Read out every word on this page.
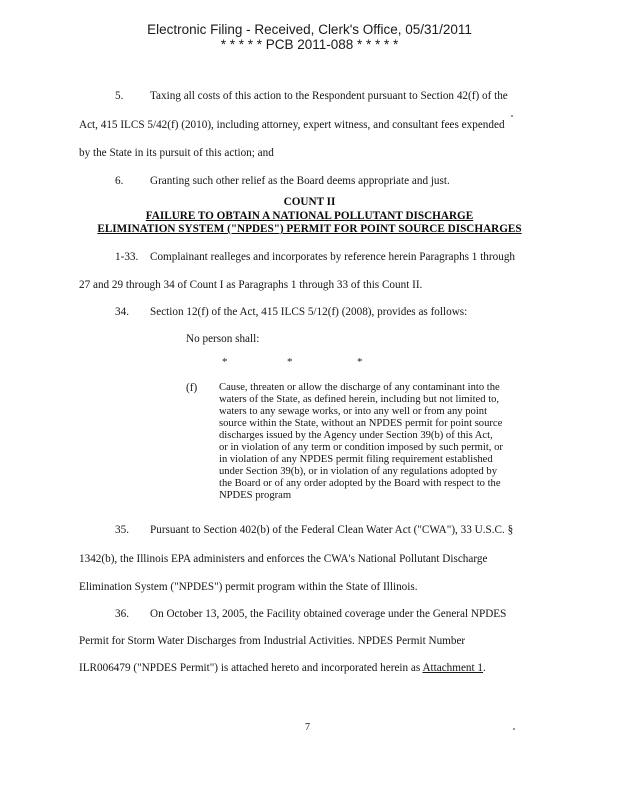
Electronic Filing - Received, Clerk's Office, 05/31/2011
* * * * * PCB 2011-088 * * * * *
5. Taxing all costs of this action to the Respondent pursuant to Section 42(f) of the
Act, 415 ILCS 5/42(f) (2010), including attorney, expert witness, and consultant fees expended
by the State in its pursuit of this action; and
6. Granting such other relief as the Board deems appropriate and just.
COUNT II
FAILURE TO OBTAIN A NATIONAL POLLUTANT DISCHARGE
ELIMINATION SYSTEM ("NPDES") PERMIT FOR POINT SOURCE DISCHARGES
1-33. Complainant realleges and incorporates by reference herein Paragraphs 1 through
27 and 29 through 34 of Count I as Paragraphs 1 through 33 of this Count II.
34. Section 12(f) of the Act, 415 ILCS 5/12(f) (2008), provides as follows:
No person shall:
*	*	*
(f) Cause, threaten or allow the discharge of any contaminant into the
waters of the State, as defined herein, including but not limited to,
waters to any sewage works, or into any well or from any point
source within the State, without an NPDES permit for point source
discharges issued by the Agency under Section 39(b) of this Act,
or in violation of any term or condition imposed by such permit, or
in violation of any NPDES permit filing requirement established
under Section 39(b), or in violation of any regulations adopted by
the Board or of any order adopted by the Board with respect to the
NPDES program
35. Pursuant to Section 402(b) of the Federal Clean Water Act ("CWA"), 33 U.S.C. §
1342(b), the Illinois EPA administers and enforces the CWA's National Pollutant Discharge
Elimination System ("NPDES") permit program within the State of Illinois.
36. On October 13, 2005, the Facility obtained coverage under the General NPDES
Permit for Storm Water Discharges from Industrial Activities. NPDES Permit Number
ILR006479 ("NPDES Permit") is attached hereto and incorporated herein as Attachment 1.
7
